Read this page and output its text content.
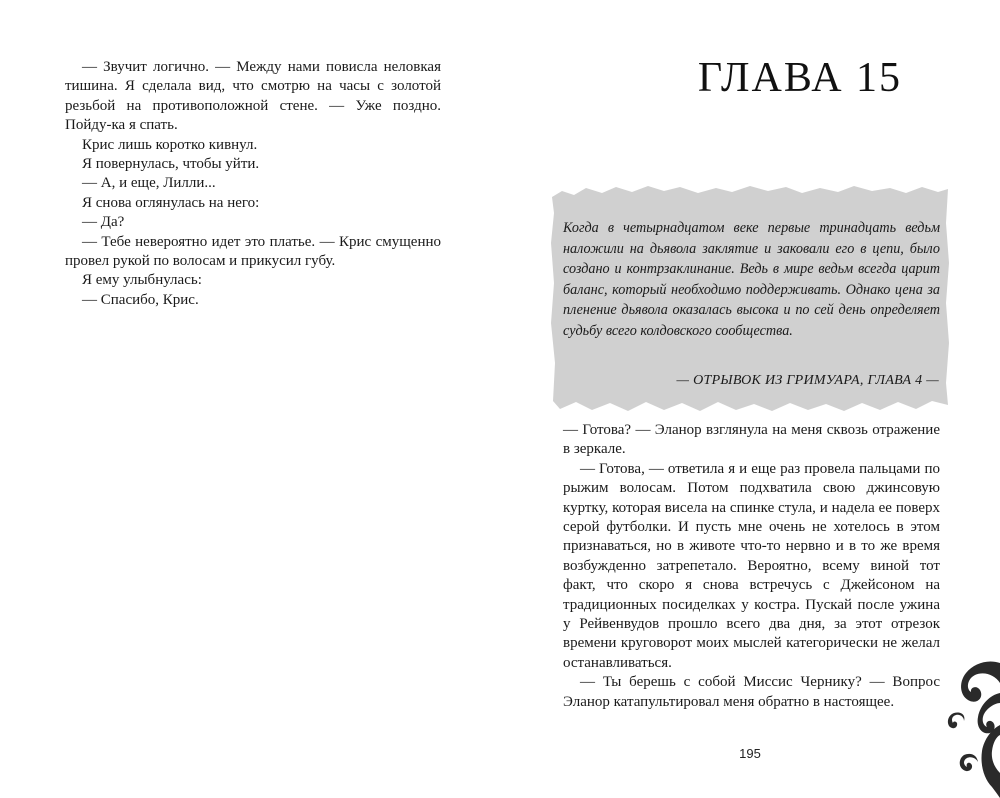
— Звучит логично. — Между нами повисла неловкая тишина. Я сделала вид, что смотрю на часы с золотой резьбой на противоположной стене. — Уже поздно. Пойду-ка я спать.

Крис лишь коротко кивнул.

Я повернулась, чтобы уйти.

— А, и еще, Лилли...

Я снова оглянулась на него:

— Да?

— Тебе невероятно идет это платье. — Крис смущенно провел рукой по волосам и прикусил губу.

Я ему улыбнулась:

— Спасибо, Крис.

ГЛАВА 15
Когда в четырнадцатом веке первые тринадцать ведьм наложили на дьявола заклятие и заковали его в цепи, было создано и контрзаклинание. Ведь в мире ведьм всегда царит баланс, который необходимо поддерживать. Однако цена за пленение дьявола оказалась высока и по сей день определяет судьбу всего колдовского сообщества.
— ОТРЫВОК ИЗ ГРИМУАРА, ГЛАВА 4 —

— Готова? — Эланор взглянула на меня сквозь отражение в зеркале.

— Готова, — ответила я и еще раз провела пальцами по рыжим волосам. Потом подхватила свою джинсовую куртку, которая висела на спинке стула, и надела ее поверх серой футболки. И пусть мне очень не хотелось в этом признаваться, но в животе что-то нервно и в то же время возбужденно затрепетало. Вероятно, всему виной тот факт, что скоро я снова встречусь с Джейсоном на традиционных посиделках у костра. Пускай после ужина у Рейвенвудов прошло всего два дня, за этот отрезок времени круговорот моих мыслей категорически не желал останавливаться.

— Ты берешь с собой Миссис Чернику? — Вопрос Эланор катапультировал меня обратно в настоящее.

195
